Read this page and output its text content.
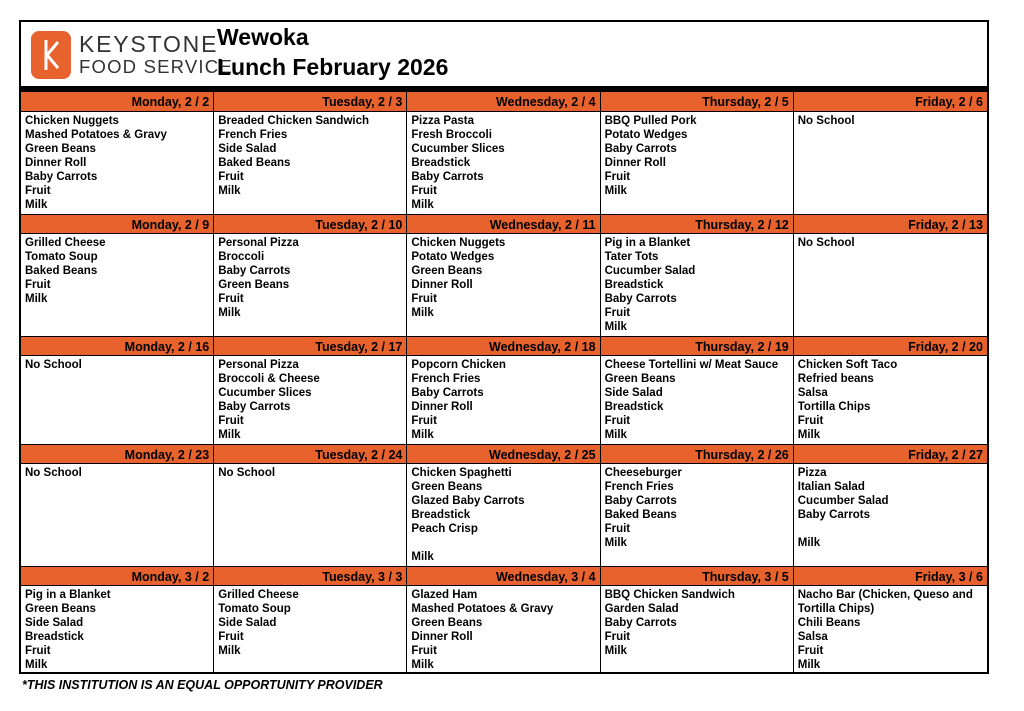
KEYSTONE
FOOD SERVICE
Wewoka
Lunch February 2026
Monday, 2 / 2
Chicken Nuggets
Mashed Potatoes & Gravy
Green Beans
Dinner Roll
Baby Carrots
Fruit
Milk
Tuesday, 2 / 3
Breaded Chicken Sandwich
French Fries
Side Salad
Baked Beans
Fruit
Milk
Wednesday, 2 / 4
Pizza Pasta
Fresh Broccoli
Cucumber Slices
Breadstick
Baby Carrots
Fruit
Milk
Thursday, 2 / 5
BBQ Pulled Pork
Potato Wedges
Baby Carrots
Dinner Roll
Fruit
Milk
Friday, 2 / 6
No School
Monday, 2 / 9
Grilled Cheese
Tomato Soup
Baked Beans
Fruit
Milk
Tuesday, 2 / 10
Personal Pizza
Broccoli
Baby Carrots
Green Beans
Fruit
Milk
Wednesday, 2 / 11
Chicken Nuggets
Potato Wedges
Green Beans
Dinner Roll
Fruit
Milk
Thursday, 2 / 12
Pig in a Blanket
Tater Tots
Cucumber Salad
Breadstick
Baby Carrots
Fruit
Milk
Friday, 2 / 13
No School
Monday, 2 / 16
No School
Tuesday, 2 / 17
Personal Pizza
Broccoli & Cheese
Cucumber Slices
Baby Carrots
Fruit
Milk
Wednesday, 2 / 18
Popcorn Chicken
French Fries
Baby Carrots
Dinner Roll
Fruit
Milk
Thursday, 2 / 19
Cheese Tortellini w/ Meat Sauce
Green Beans
Side Salad
Breadstick
Fruit
Milk
Friday, 2 / 20
Chicken Soft Taco
Refried beans
Salsa
Tortilla Chips
Fruit
Milk
Monday, 2 / 23
No School
Tuesday, 2 / 24
No School
Wednesday, 2 / 25
Chicken Spaghetti
Green Beans
Glazed Baby Carrots
Breadstick
Peach Crisp
Milk
Thursday, 2 / 26
Cheeseburger
French Fries
Baby Carrots
Baked Beans
Fruit
Milk
Friday, 2 / 27
Pizza
Italian Salad
Cucumber Salad
Baby Carrots
Milk
Monday, 3 / 2
Pig in a Blanket
Green Beans
Side Salad
Breadstick
Fruit
Milk
Tuesday, 3 / 3
Grilled Cheese
Tomato Soup
Side Salad
Fruit
Milk
Wednesday, 3 / 4
Glazed Ham
Mashed Potatoes & Gravy
Green Beans
Dinner Roll
Fruit
Milk
Thursday, 3 / 5
BBQ Chicken Sandwich
Garden Salad
Baby Carrots
Fruit
Milk
Friday, 3 / 6
Nacho Bar (Chicken, Queso and Tortilla Chips)
Chili Beans
Salsa
Fruit
Milk
*THIS INSTITUTION IS AN EQUAL OPPORTUNITY PROVIDER
